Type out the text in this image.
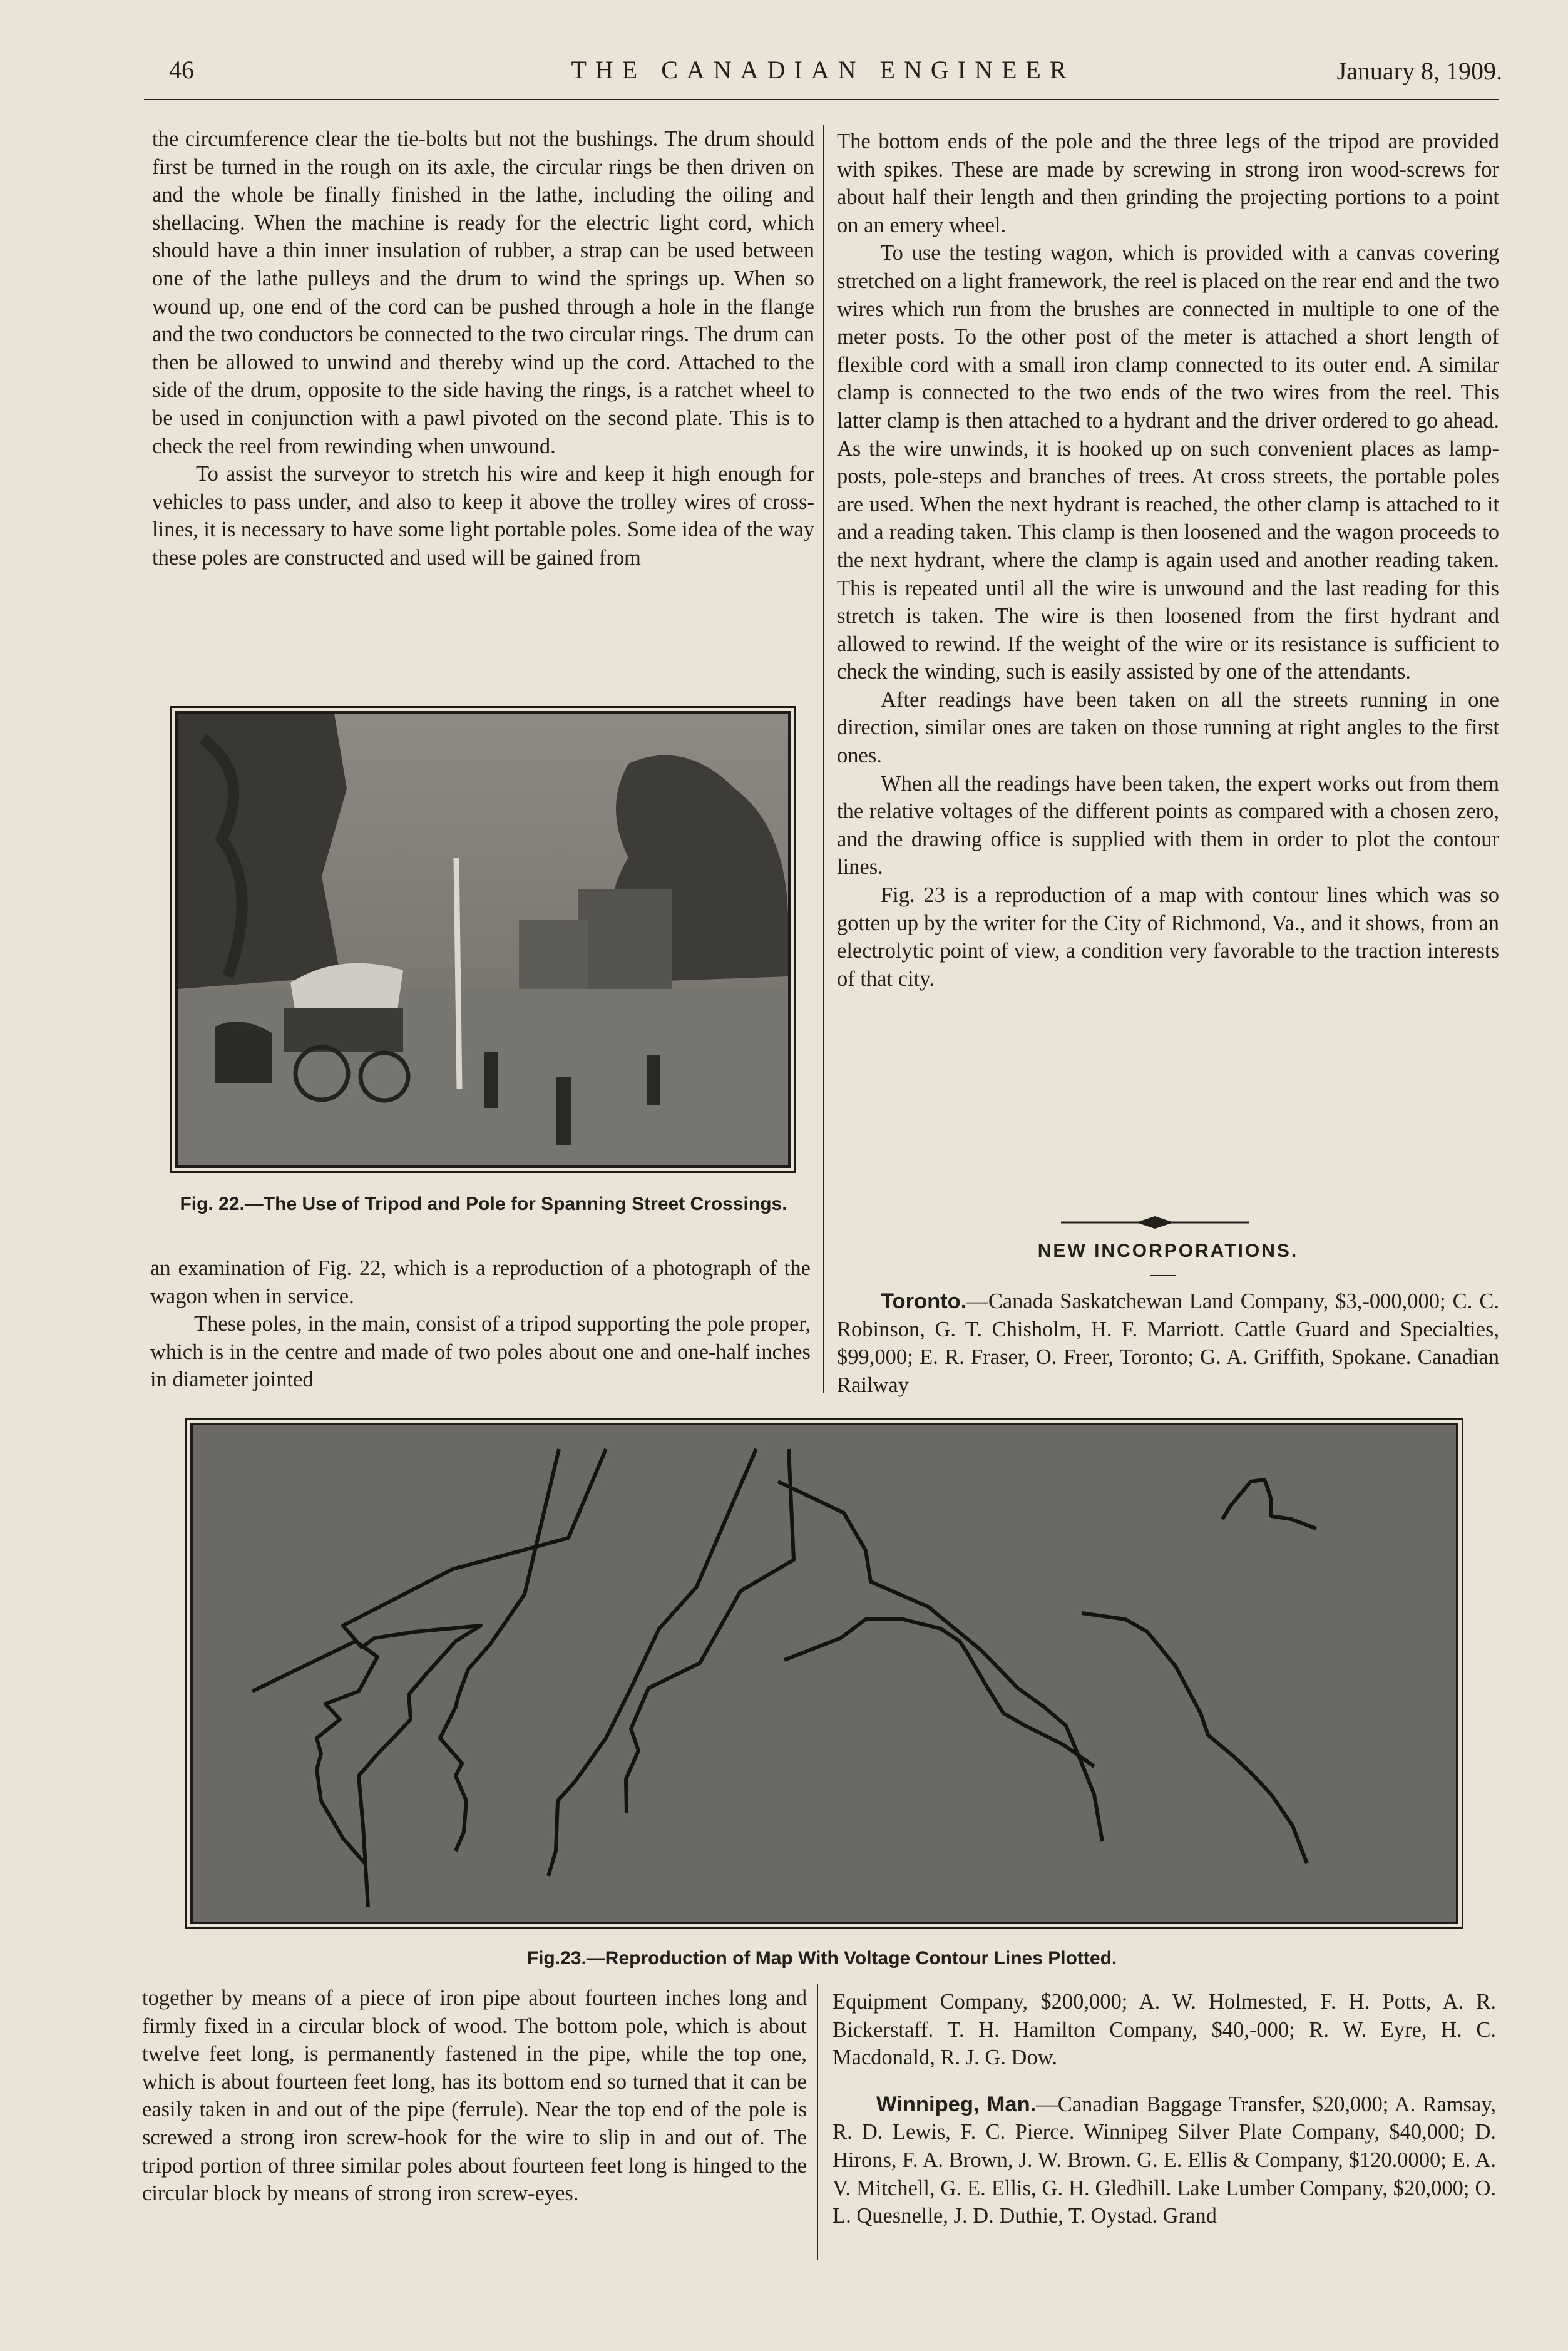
46	THE CANADIAN ENGINEER	January 8, 1909.

the circumference clear the tie-bolts but not the bushings. The drum should first be turned in the rough on its axle, the circular rings be then driven on and the whole be finally finished in the lathe, including the oiling and shellacing. When the machine is ready for the electric light cord, which should have a thin inner insulation of rubber, a strap can be used between one of the lathe pulleys and the drum to wind the springs up. When so wound up, one end of the cord can be pushed through a hole in the flange and the two conductors be connected to the two circular rings. The drum can then be allowed to unwind and thereby wind up the cord. Attached to the side of the drum, opposite to the side having the rings, is a ratchet wheel to be used in conjunction with a pawl pivoted on the second plate. This is to check the reel from rewinding when unwound.

To assist the surveyor to stretch his wire and keep it high enough for vehicles to pass under, and also to keep it above the trolley wires of cross-lines, it is necessary to have some light portable poles. Some idea of the way these poles are constructed and used will be gained from

Fig. 22.—The Use of Tripod and Pole for Spanning Street Crossings.

an examination of Fig. 22, which is a reproduction of a photograph of the wagon when in service.

These poles, in the main, consist of a tripod supporting the pole proper, which is in the centre and made of two poles about one and one-half inches in diameter jointed

The bottom ends of the pole and the three legs of the tripod are provided with spikes. These are made by screwing in strong iron wood-screws for about half their length and then grinding the projecting portions to a point on an emery wheel.

To use the testing wagon, which is provided with a canvas covering stretched on a light framework, the reel is placed on the rear end and the two wires which run from the brushes are connected in multiple to one of the meter posts. To the other post of the meter is attached a short length of flexible cord with a small iron clamp connected to its outer end. A similar clamp is connected to the two ends of the two wires from the reel. This latter clamp is then attached to a hydrant and the driver ordered to go ahead. As the wire unwinds, it is hooked up on such convenient places as lamp-posts, pole-steps and branches of trees. At cross streets, the portable poles are used. When the next hydrant is reached, the other clamp is attached to it and a reading taken. This clamp is then loosened and the wagon proceeds to the next hydrant, where the clamp is again used and another reading taken. This is repeated until all the wire is unwound and the last reading for this stretch is taken. The wire is then loosened from the first hydrant and allowed to rewind. If the weight of the wire or its resistance is sufficient to check the winding, such is easily assisted by one of the attendants.

After readings have been taken on all the streets running in one direction, similar ones are taken on those running at right angles to the first ones.

When all the readings have been taken, the expert works out from them the relative voltages of the different points as compared with a chosen zero, and the drawing office is supplied with them in order to plot the contour lines.

Fig. 23 is a reproduction of a map with contour lines which was so gotten up by the writer for the City of Richmond, Va., and it shows, from an electrolytic point of view, a condition very favorable to the traction interests of that city.

NEW INCORPORATIONS.

Toronto.—Canada Saskatchewan Land Company, $3,-000,000; C. C. Robinson, G. T. Chisholm, H. F. Marriott. Cattle Guard and Specialties, $99,000; E. R. Fraser, O. Freer, Toronto; G. A. Griffith, Spokane. Canadian Railway

Fig.23.—Reproduction of Map With Voltage Contour Lines Plotted.

together by means of a piece of iron pipe about fourteen inches long and firmly fixed in a circular block of wood. The bottom pole, which is about twelve feet long, is permanently fastened in the pipe, while the top one, which is about fourteen feet long, has its bottom end so turned that it can be easily taken in and out of the pipe (ferrule). Near the top end of the pole is screwed a strong iron screw-hook for the wire to slip in and out of. The tripod portion of three similar poles about fourteen feet long is hinged to the circular block by means of strong iron screw-eyes.

Equipment Company, $200,000; A. W. Holmested, F. H. Potts, A. R. Bickerstaff. T. H. Hamilton Company, $40,-000; R. W. Eyre, H. C. Macdonald, R. J. G. Dow.

Winnipeg, Man.—Canadian Baggage Transfer, $20,000; A. Ramsay, R. D. Lewis, F. C. Pierce. Winnipeg Silver Plate Company, $40,000; D. Hirons, F. A. Brown, J. W. Brown. G. E. Ellis & Company, $120.0000; E. A. V. Mitchell, G. E. Ellis, G. H. Gledhill. Lake Lumber Company, $20,000; O. L. Quesnelle, J. D. Duthie, T. Oystad. Grand
